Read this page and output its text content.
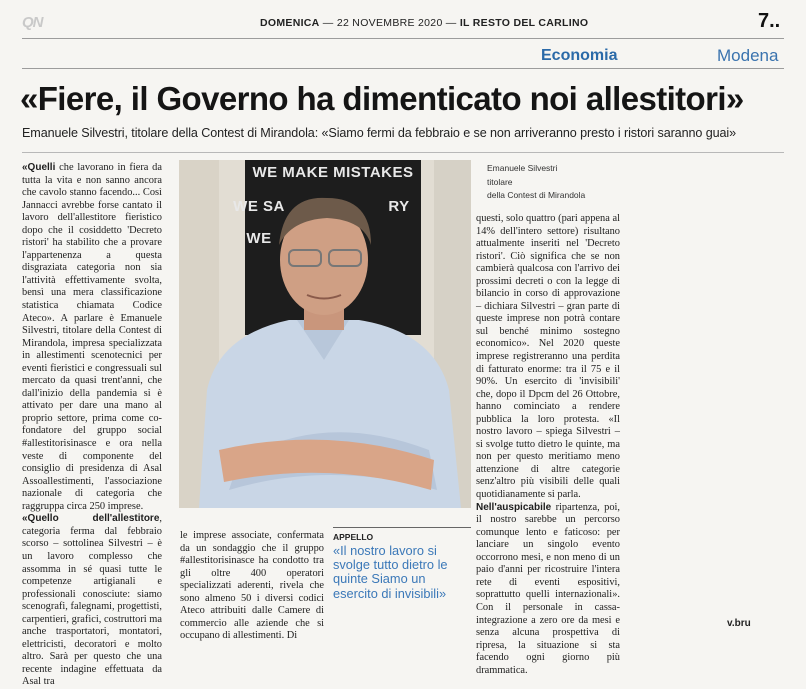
QN	DOMENICA — 22 NOVEMBRE 2020 — IL RESTO DEL CARLINO	7..
Economia	Modena
«Fiere, il Governo ha dimenticato noi allestitori»
Emanuele Silvestri, titolare della Contest di Mirandola: «Siamo fermi da febbraio e se non arriveranno presto i ristori saranno guai»

«Quelli che lavorano in fiera da tutta la vita e non sanno ancora che cavolo stanno facendo... Così Jannacci avrebbe forse cantato il lavoro dell'allestitore fieristico dopo che il cosiddetto 'Decreto ristori' ha stabilito che a provare l'appartenenza a questa disgraziata categoria non sia l'attività effettivamente svolta, bensì una mera classificazione statistica chiamata Codice Ateco». A parlare è Emanuele Silvestri, titolare della Contest di Mirandola, impresa specializzata in allestimenti scenotecnici per eventi fieristici e congressuali sul mercato da quasi trent'anni, che dall'inizio della pandemia si è attivato per dare una mano al proprio settore, prima come co-fondatore del gruppo social #allestitorisinasce e ora nella veste di componente del consiglio di presidenza di Asal Assoallestimenti, l'associazione nazionale di categoria che raggruppa circa 250 imprese.

«Quello dell'allestitore, categoria ferma dal febbraio scorso – sottolinea Silvestri – è un lavoro complesso che assomma in sé quasi tutte le competenze artigianali e professionali conosciute: siamo scenografi, falegnami, progettisti, carpentieri, grafici, costruttori ma anche trasportatori, montatori, elettricisti, decoratori e molto altro. Sarà per questo che una recente indagine effettuata da Asal tra

WE MAKE MISTAKES
WE SA	RY
WE
Emanuele Silvestri
titolare
della Contest di Mirandola

le imprese associate, confermata da un sondaggio che il gruppo #allestitorisinasce ha condotto tra gli oltre 400 operatori specializzati aderenti, rivela che sono almeno 50 i diversi codici Ateco attribuiti dalle Camere di commercio alle aziende che si occupano di allestimenti. Di

APPELLO
«Il nostro lavoro si svolge tutto dietro le quinte Siamo un esercito di invisibili»

questi, solo quattro (pari appena al 14% dell'intero settore) risultano attualmente inseriti nel 'Decreto ristori'. Ciò significa che se non cambierà qualcosa con l'arrivo dei prossimi decreti o con la legge di bilancio in corso di approvazione – dichiara Silvestri – gran parte di queste imprese non potrà contare sul benché minimo sostegno economico». Nel 2020 queste imprese registreranno una perdita di fatturato enorme: tra il 75 e il 90%. Un esercito di 'invisibili' che, dopo il Dpcm del 26 Ottobre, hanno cominciato a rendere pubblica la loro protesta. «Il nostro lavoro – spiega Silvestri – si svolge tutto dietro le quinte, ma non per questo meritiamo meno attenzione di altre categorie senz'altro più visibili delle quali quotidianamente si parla.

Nell'auspicabile ripartenza, poi, il nostro sarebbe un percorso comunque lento e faticoso: per lanciare un singolo evento occorrono mesi, e non meno di un paio d'anni per ricostruire l'intera rete di eventi espositivi, soprattutto quelli internazionali». Con il personale in cassa-integrazione a zero ore da mesi e senza alcuna prospettiva di ripresa, la situazione si sta facendo ogni giorno più drammatica.

v.bru
